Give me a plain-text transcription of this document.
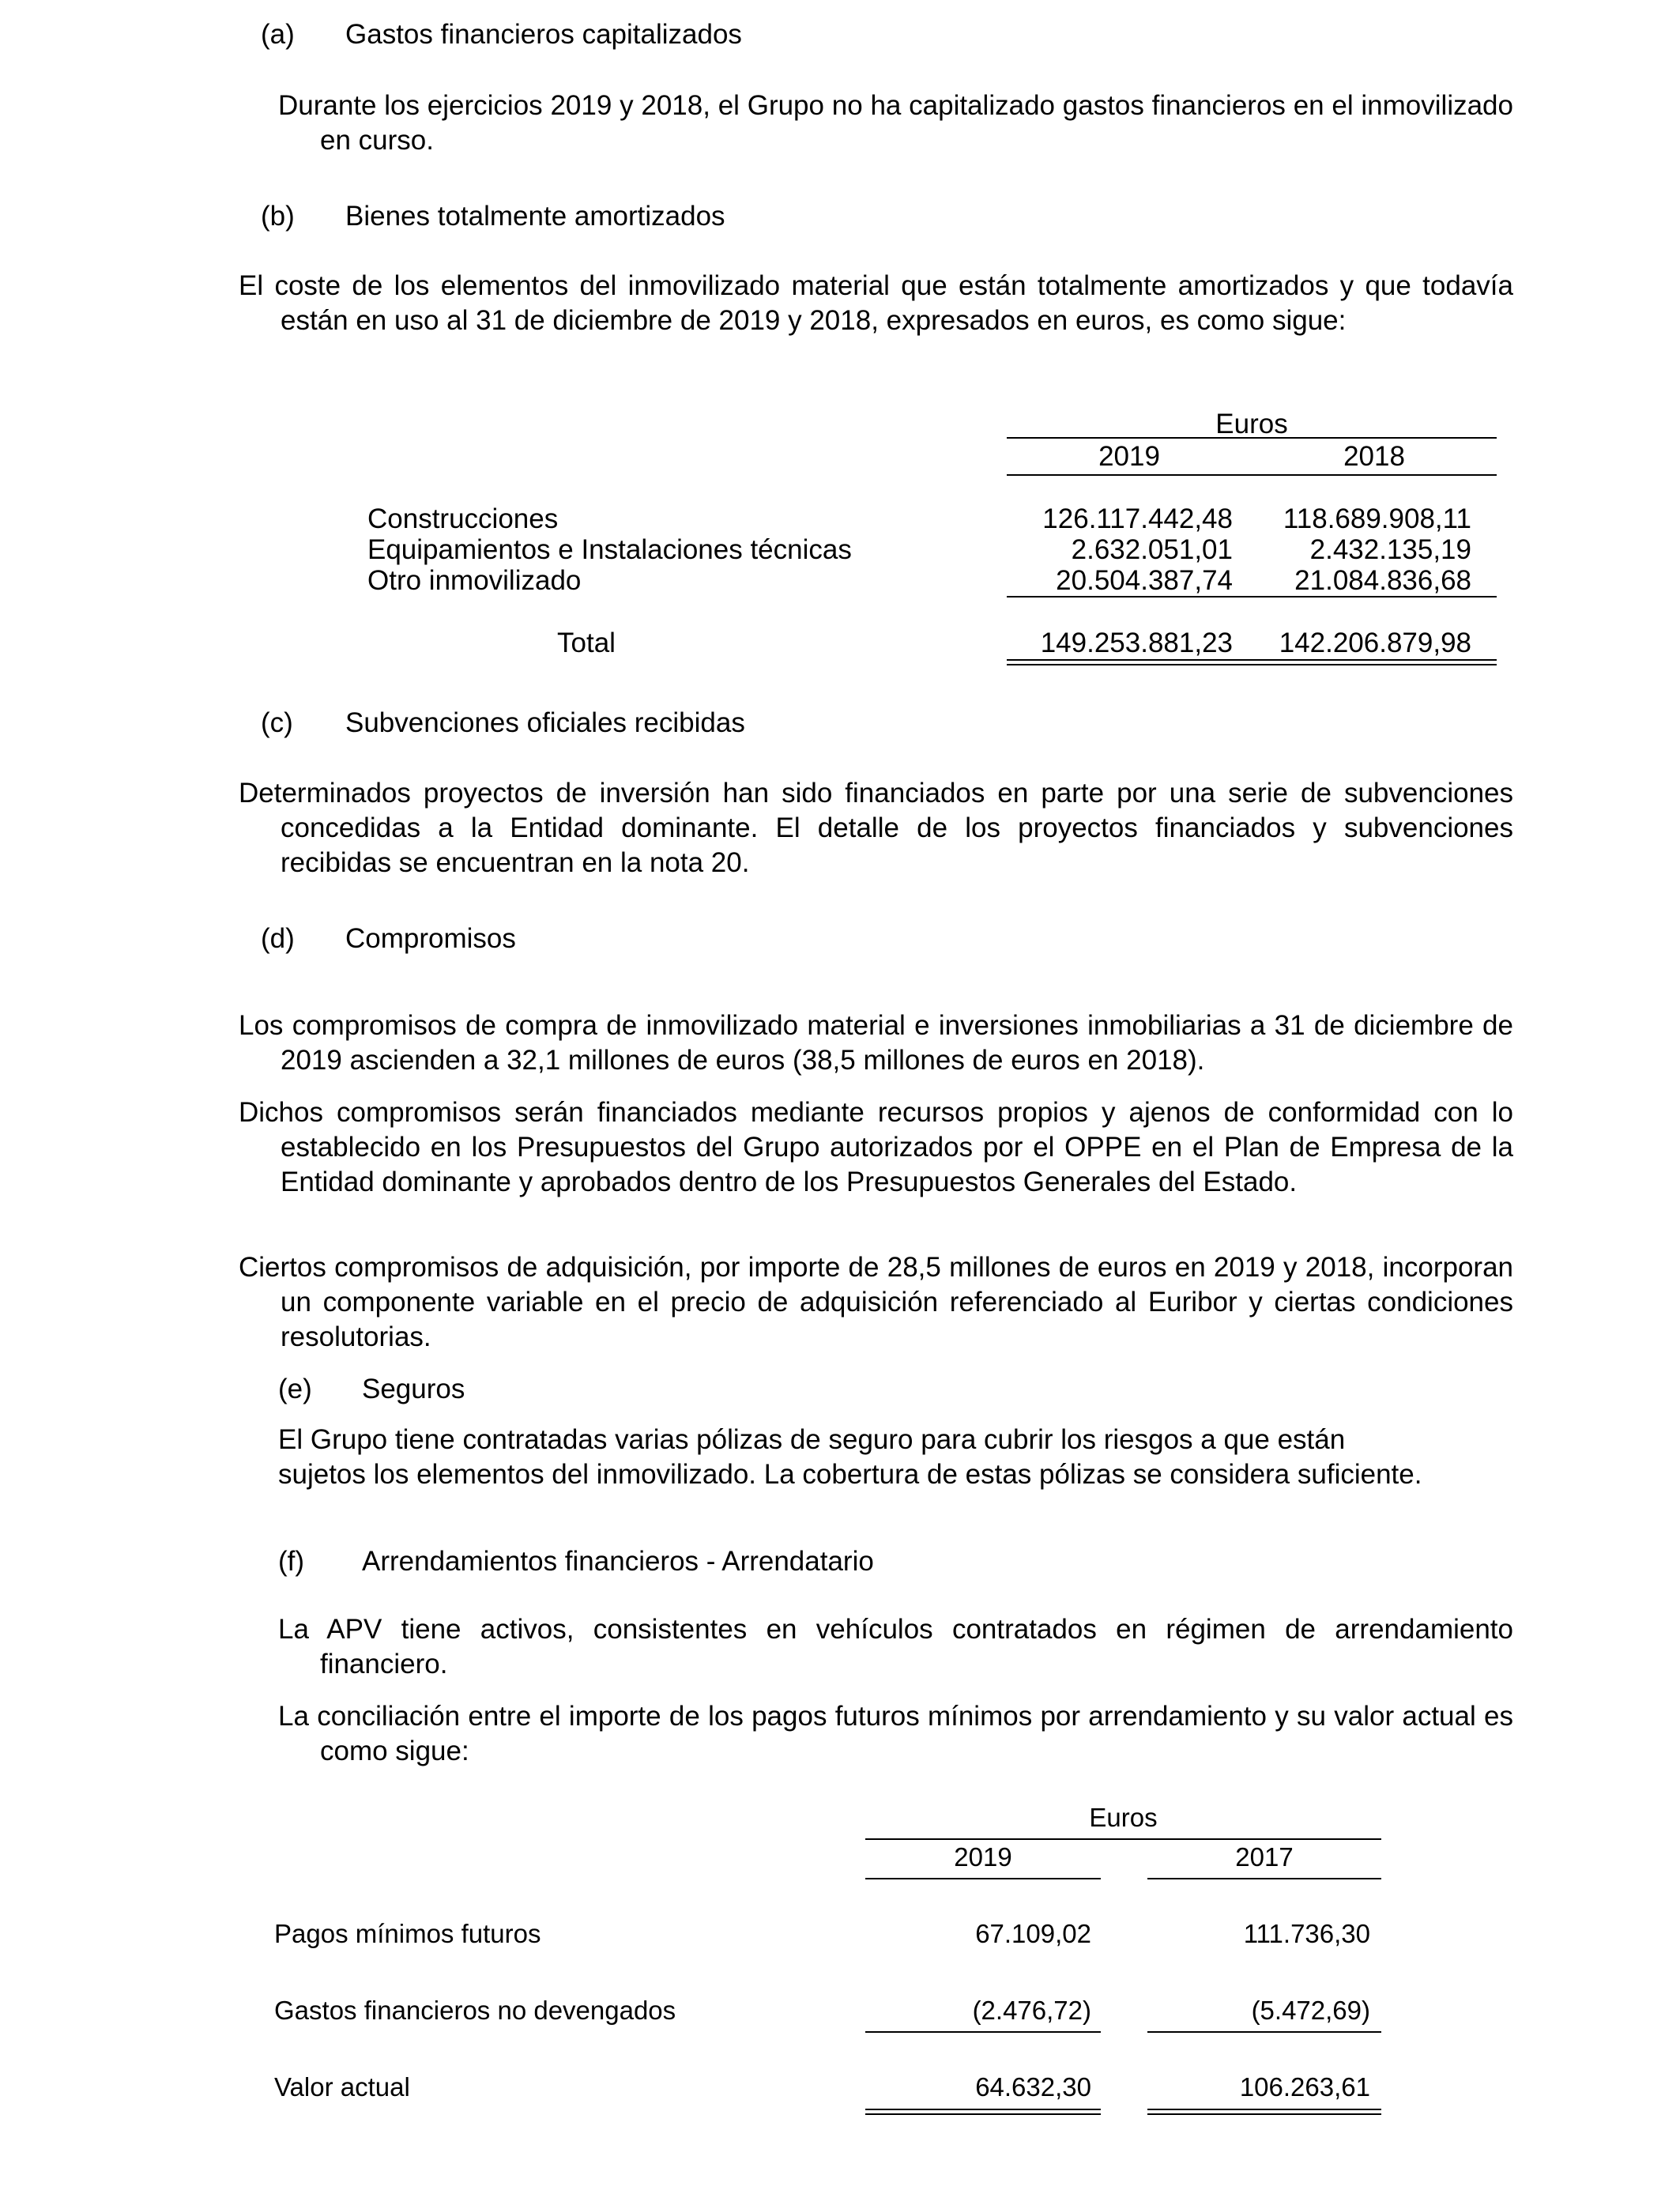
(a) Gastos financieros capitalizados
Durante los ejercicios 2019 y 2018, el Grupo no ha capitalizado gastos financieros en el inmovilizado en curso.
(b) Bienes totalmente amortizados
El coste de los elementos del inmovilizado material que están totalmente amortizados y que todavía están en uso al 31 de diciembre de 2019 y 2018, expresados en euros, es como sigue:
Euros
2019	2018
Construcciones	126.117.442,48	118.689.908,11
Equipamientos e Instalaciones técnicas	2.632.051,01	2.432.135,19
Otro inmovilizado	20.504.387,74	21.084.836,68
Total	149.253.881,23	142.206.879,98
(c) Subvenciones oficiales recibidas
Determinados proyectos de inversión han sido financiados en parte por una serie de subvenciones concedidas a la Entidad dominante. El detalle de los proyectos financiados y subvenciones recibidas se encuentran en la nota 20.
(d) Compromisos
Los compromisos de compra de inmovilizado material e inversiones inmobiliarias a 31 de diciembre de 2019 ascienden a 32,1 millones de euros (38,5 millones de euros en 2018).
Dichos compromisos serán financiados mediante recursos propios y ajenos de conformidad con lo establecido en los Presupuestos del Grupo autorizados por el OPPE en el Plan de Empresa de la Entidad dominante y aprobados dentro de los Presupuestos Generales del Estado.
Ciertos compromisos de adquisición, por importe de 28,5 millones de euros en 2019 y 2018, incorporan un componente variable en el precio de adquisición referenciado al Euribor y ciertas condiciones resolutorias.
(e) Seguros
El Grupo tiene contratadas varias pólizas de seguro para cubrir los riesgos a que están sujetos los elementos del inmovilizado. La cobertura de estas pólizas se considera suficiente.
(f) Arrendamientos financieros - Arrendatario
La APV tiene activos, consistentes en vehículos contratados en régimen de arrendamiento financiero.
La conciliación entre el importe de los pagos futuros mínimos por arrendamiento y su valor actual es como sigue:
Euros
2019	2017
Pagos mínimos futuros	67.109,02	111.736,30
Gastos financieros no devengados	(2.476,72)	(5.472,69)
Valor actual	64.632,30	106.263,61
